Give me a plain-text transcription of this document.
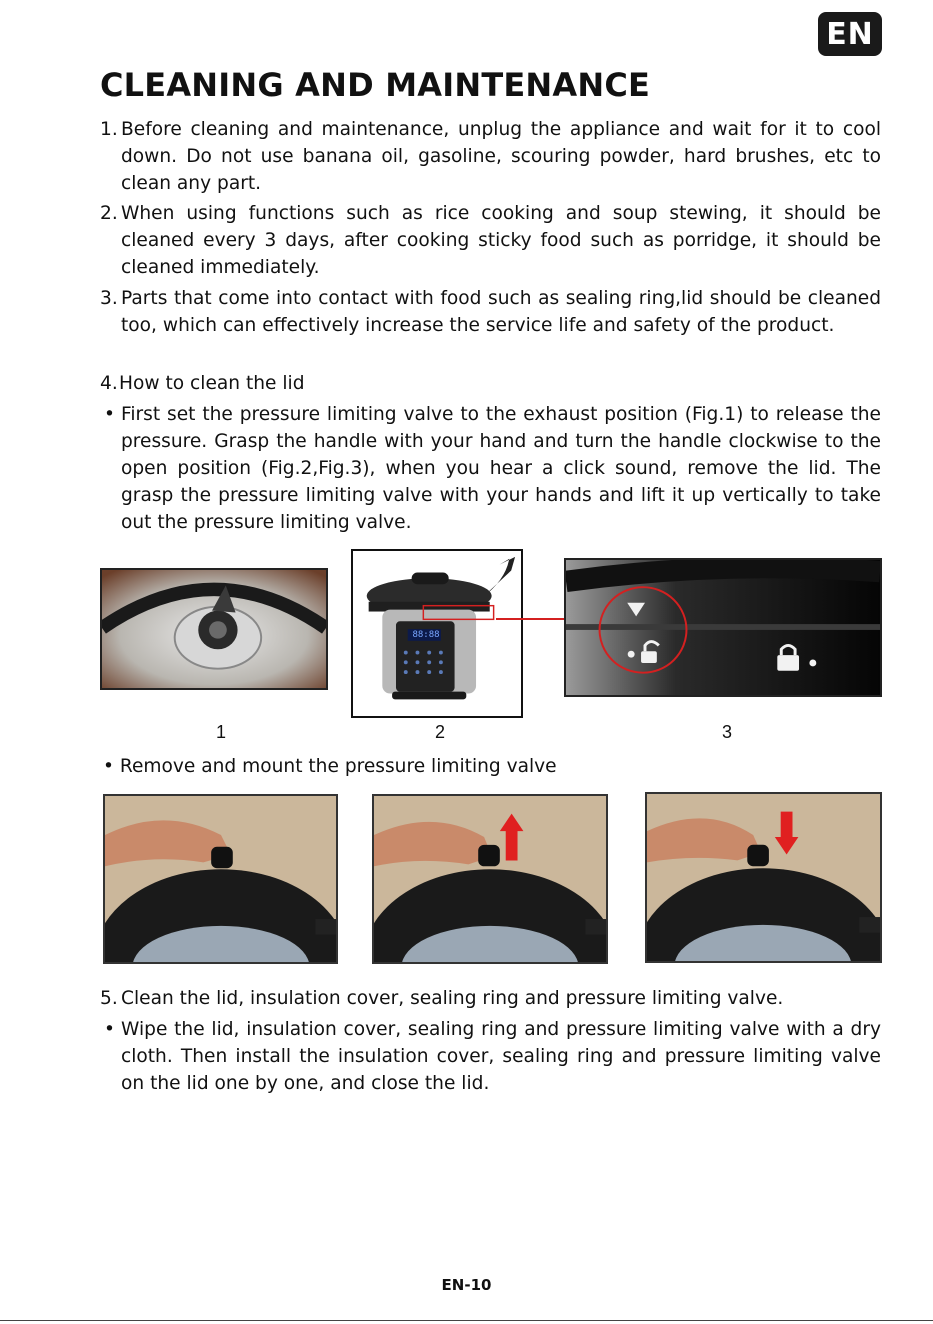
EN
CLEANING AND MAINTENANCE
1. Before cleaning and maintenance, unplug the appliance and wait for it to cool down. Do not use banana oil, gasoline, scouring powder, hard brushes, etc to clean any part.
2. When using functions such as rice cooking and soup stewing, it should be cleaned every 3 days, after cooking sticky food such as porridge, it should be cleaned immediately.
3. Parts that come into contact with food such as sealing ring,lid should be cleaned too, which can effectively increase the service life and safety of the product.
4. How to clean the lid
• First set the pressure limiting valve to the exhaust position (Fig.1) to release the pressure. Grasp the handle with your hand and turn the handle clockwise to the open position (Fig.2,Fig.3), when you hear a click sound, remove the lid. The grasp the pressure limiting valve with your hands and lift it up vertically to take out the pressure limiting valve.
88:88
1	2	3
• Remove and mount the pressure limiting valve
5. Clean the lid, insulation cover, sealing ring and pressure limiting valve.
• Wipe the lid, insulation cover, sealing ring and pressure limiting valve with a dry cloth. Then install the insulation cover, sealing ring and pressure limiting valve on the lid one by one, and close the lid.
EN-10
